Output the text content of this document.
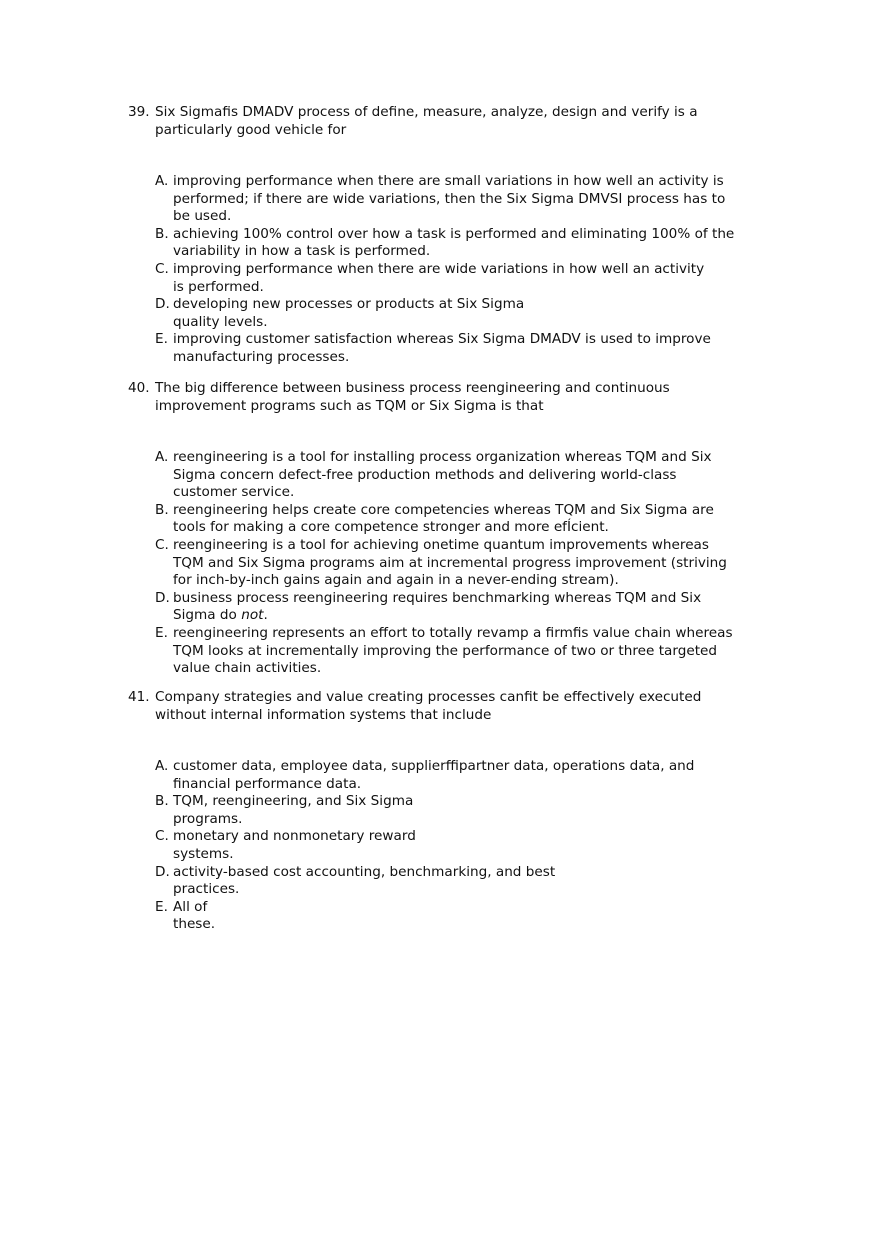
39. Six Sigmafis DMADV process of define, measure, analyze, design and verify is a
particularly good vehicle for
A. improving performance when there are small variations in how well an activity is
performed; if there are wide variations, then the Six Sigma DMVSI process has to
be used.
B. achieving 100% control over how a task is performed and eliminating 100% of the
variability in how a task is performed.
C. improving performance when there are wide variations in how well an activity
is performed.
D. developing new processes or products at Six Sigma
quality levels.
E. improving customer satisfaction whereas Six Sigma DMADV is used to improve
manufacturing processes.
40. The big difference between business process reengineering and continuous
improvement programs such as TQM or Six Sigma is that
A. reengineering is a tool for installing process organization whereas TQM and Six
Sigma concern defect-free production methods and delivering world-class
customer service.
B. reengineering helps create core competencies whereas TQM and Six Sigma are
tools for making a core competence stronger and more efÍcient.
C. reengineering is a tool for achieving onetime quantum improvements whereas
TQM and Six Sigma programs aim at incremental progress improvement (striving
for inch-by-inch gains again and again in a never-ending stream).
D. business process reengineering requires benchmarking whereas TQM and Six
Sigma do not.
E. reengineering represents an effort to totally revamp a firmfis value chain whereas
TQM looks at incrementally improving the performance of two or three targeted
value chain activities.
41. Company strategies and value creating processes canfit be effectively executed
without internal information systems that include
A. customer data, employee data, supplierffipartner data, operations data, and
financial performance data.
B. TQM, reengineering, and Six Sigma
programs.
C. monetary and nonmonetary reward
systems.
D. activity-based cost accounting, benchmarking, and best
practices.
E. All of
these.
